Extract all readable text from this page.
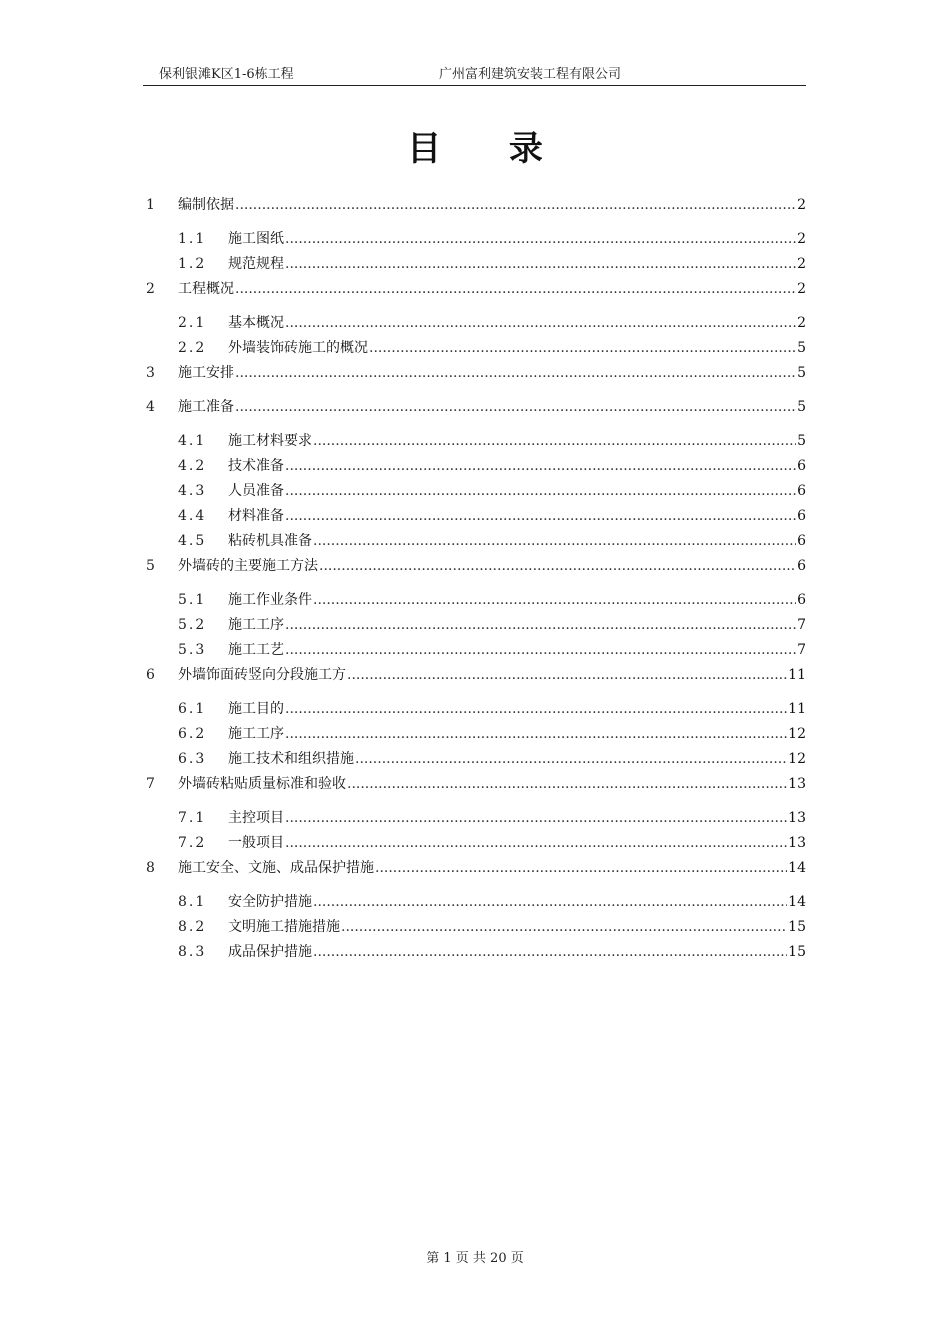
保利银滩K区1-6栋工程	广州富利建筑安装工程有限公司
目 录
1	编制依据 .....	2
1.1	施工图纸 .....	2
1.2	规范规程 .....	2
2	工程概况 .....	2
2.1	基本概况 .....	2
2.2	外墙装饰砖施工的概况 .....	5
3	施工安排 .....	5
4	施工准备 .....	5
4.1	施工材料要求 .....	5
4.2	技术准备 .....	6
4.3	人员准备 .....	6
4.4	材料准备 .....	6
4.5	粘砖机具准备 .....	6
5	外墙砖的主要施工方法 .....	6
5.1	施工作业条件 .....	6
5.2	施工工序 .....	7
5.3	施工工艺 .....	7
6	外墙饰面砖竖向分段施工方 .....	11
6.1	施工目的 .....	11
6.2	施工工序 .....	12
6.3	施工技术和组织措施 .....	12
7	外墙砖粘贴质量标准和验收 .....	13
7.1	主控项目 .....	13
7.2	一般项目 .....	13
8	施工安全、文施、成品保护措施 .....	14
8.1	安全防护措施 .....	14
8.2	文明施工措施措施 .....	15
8.3	成品保护措施 .....	15
第 1 页 共 20 页
